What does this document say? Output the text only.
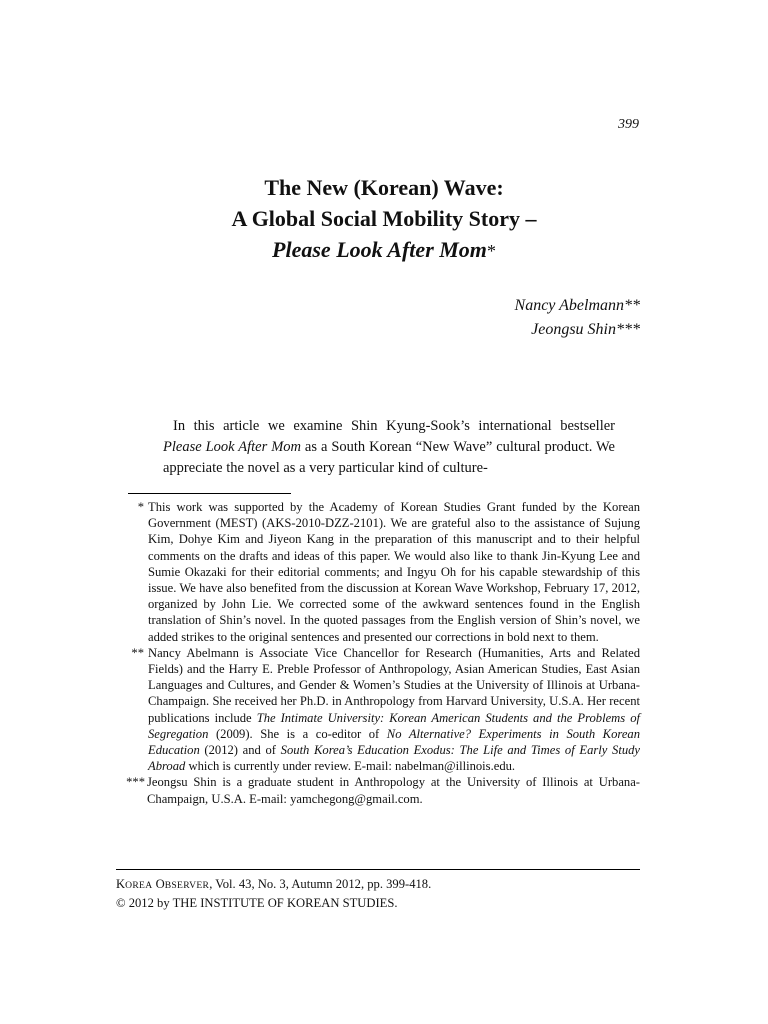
399
The New (Korean) Wave:
A Global Social Mobility Story –
Please Look After Mom*
Nancy Abelmann**
Jeongsu Shin***
In this article we examine Shin Kyung-Sook’s international bestseller Please Look After Mom as a South Korean “New Wave” cultural product. We appreciate the novel as a very particular kind of culture-
* This work was supported by the Academy of Korean Studies Grant funded by the Korean Government (MEST) (AKS-2010-DZZ-2101). We are grateful also to the assistance of Sujung Kim, Dohye Kim and Jiyeon Kang in the preparation of this manuscript and to their helpful comments on the drafts and ideas of this paper. We would also like to thank Jin-Kyung Lee and Sumie Okazaki for their editorial comments; and Ingyu Oh for his capable stewardship of this issue. We have also benefited from the discussion at Korean Wave Workshop, February 17, 2012, organized by John Lie. We corrected some of the awkward sentences found in the English translation of Shin’s novel. In the quoted passages from the English version of Shin’s novel, we added strikes to the original sentences and presented our corrections in bold next to them.
** Nancy Abelmann is Associate Vice Chancellor for Research (Humanities, Arts and Related Fields) and the Harry E. Preble Professor of Anthropology, Asian American Studies, East Asian Languages and Cultures, and Gender & Women’s Studies at the University of Illinois at Urbana-Champaign. She received her Ph.D. in Anthropology from Harvard University, U.S.A. Her recent publications include The Intimate University: Korean American Students and the Problems of Segregation (2009). She is a co-editor of No Alternative? Experiments in South Korean Education (2012) and of South Korea’s Education Exodus: The Life and Times of Early Study Abroad which is currently under review. E-mail: nabelman@illinois.edu.
*** Jeongsu Shin is a graduate student in Anthropology at the University of Illinois at Urbana-Champaign, U.S.A. E-mail: yamchegong@gmail.com.
KOREA OBSERVER, Vol. 43, No. 3, Autumn 2012, pp. 399-418.
© 2012 by THE INSTITUTE OF KOREAN STUDIES.
